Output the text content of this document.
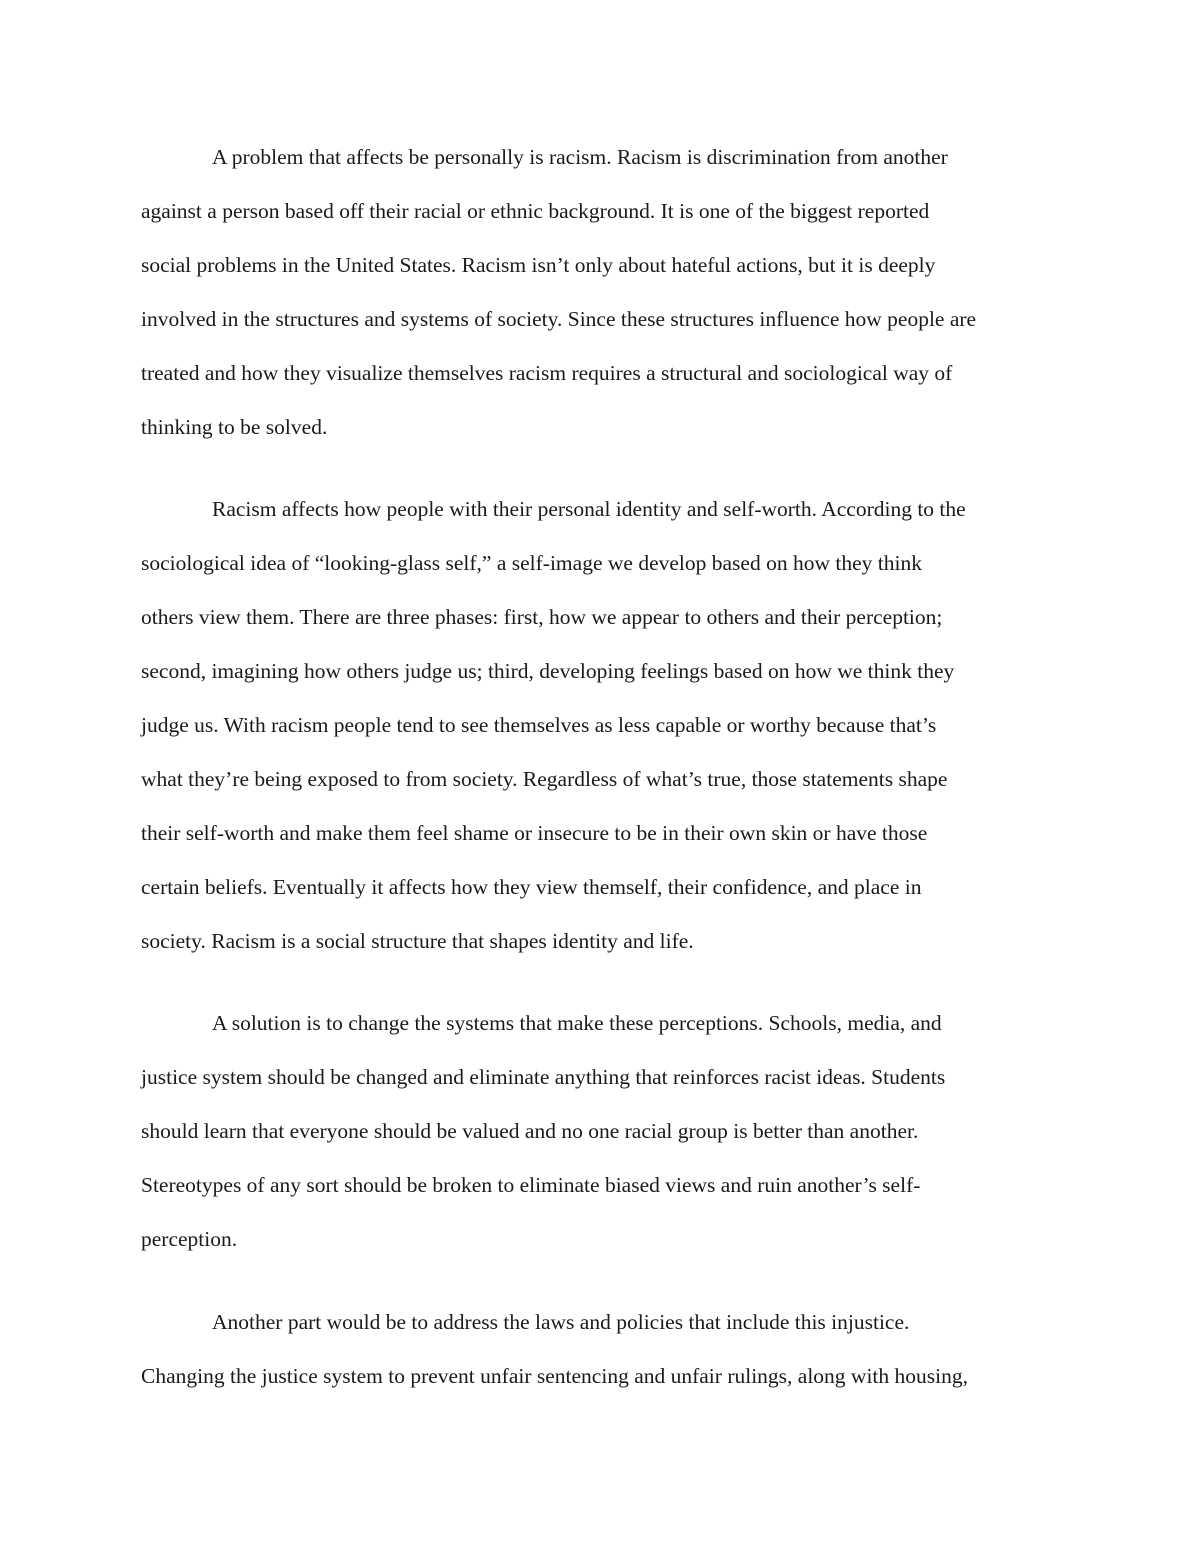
A problem that affects be personally is racism. Racism is discrimination from another
against a person based off their racial or ethnic background. It is one of the biggest reported
social problems in the United States. Racism isn’t only about hateful actions, but it is deeply
involved in the structures and systems of society. Since these structures influence how people are
treated and how they visualize themselves racism requires a structural and sociological way of
thinking to be solved.
Racism affects how people with their personal identity and self-worth. According to the
sociological idea of “looking-glass self,” a self-image we develop based on how they think
others view them. There are three phases: first, how we appear to others and their perception;
second, imagining how others judge us; third, developing feelings based on how we think they
judge us. With racism people tend to see themselves as less capable or worthy because that’s
what they’re being exposed to from society. Regardless of what’s true, those statements shape
their self-worth and make them feel shame or insecure to be in their own skin or have those
certain beliefs. Eventually it affects how they view themself, their confidence, and place in
society. Racism is a social structure that shapes identity and life.
A solution is to change the systems that make these perceptions. Schools, media, and
justice system should be changed and eliminate anything that reinforces racist ideas. Students
should learn that everyone should be valued and no one racial group is better than another.
Stereotypes of any sort should be broken to eliminate biased views and ruin another’s self-
perception.
Another part would be to address the laws and policies that include this injustice.
Changing the justice system to prevent unfair sentencing and unfair rulings, along with housing,
